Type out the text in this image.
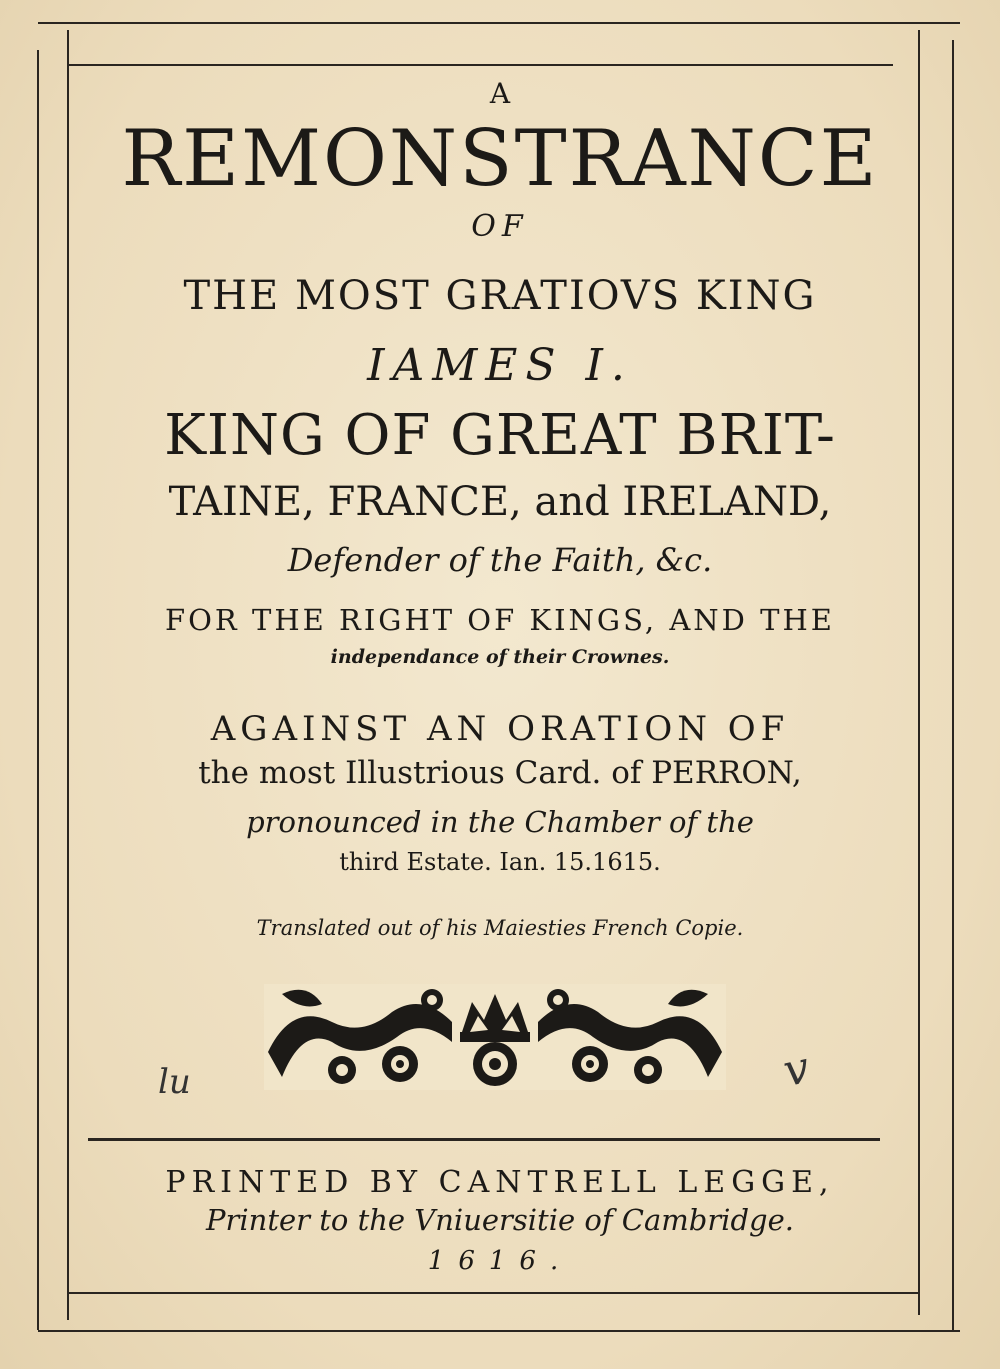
A
REMONSTRANCE
OF
THE MOST GRATIOVS KING
IAMES I.
KING OF GREAT BRIT-
TAINE, FRANCE, and IRELAND,
Defender of the Faith, &c.
FOR THE RIGHT OF KINGS, AND THE
independance of their Crownes.
AGAINST AN ORATION OF
the most Illustrious Card. of PERRON,
pronounced in the Chamber of the
third Estate. Ian. 15.1615.
Translated out of his Maiesties French Copie.
lu	v
PRINTED BY CANTRELL LEGGE,
Printer to the Vniuersitie of Cambridge.
1616.
